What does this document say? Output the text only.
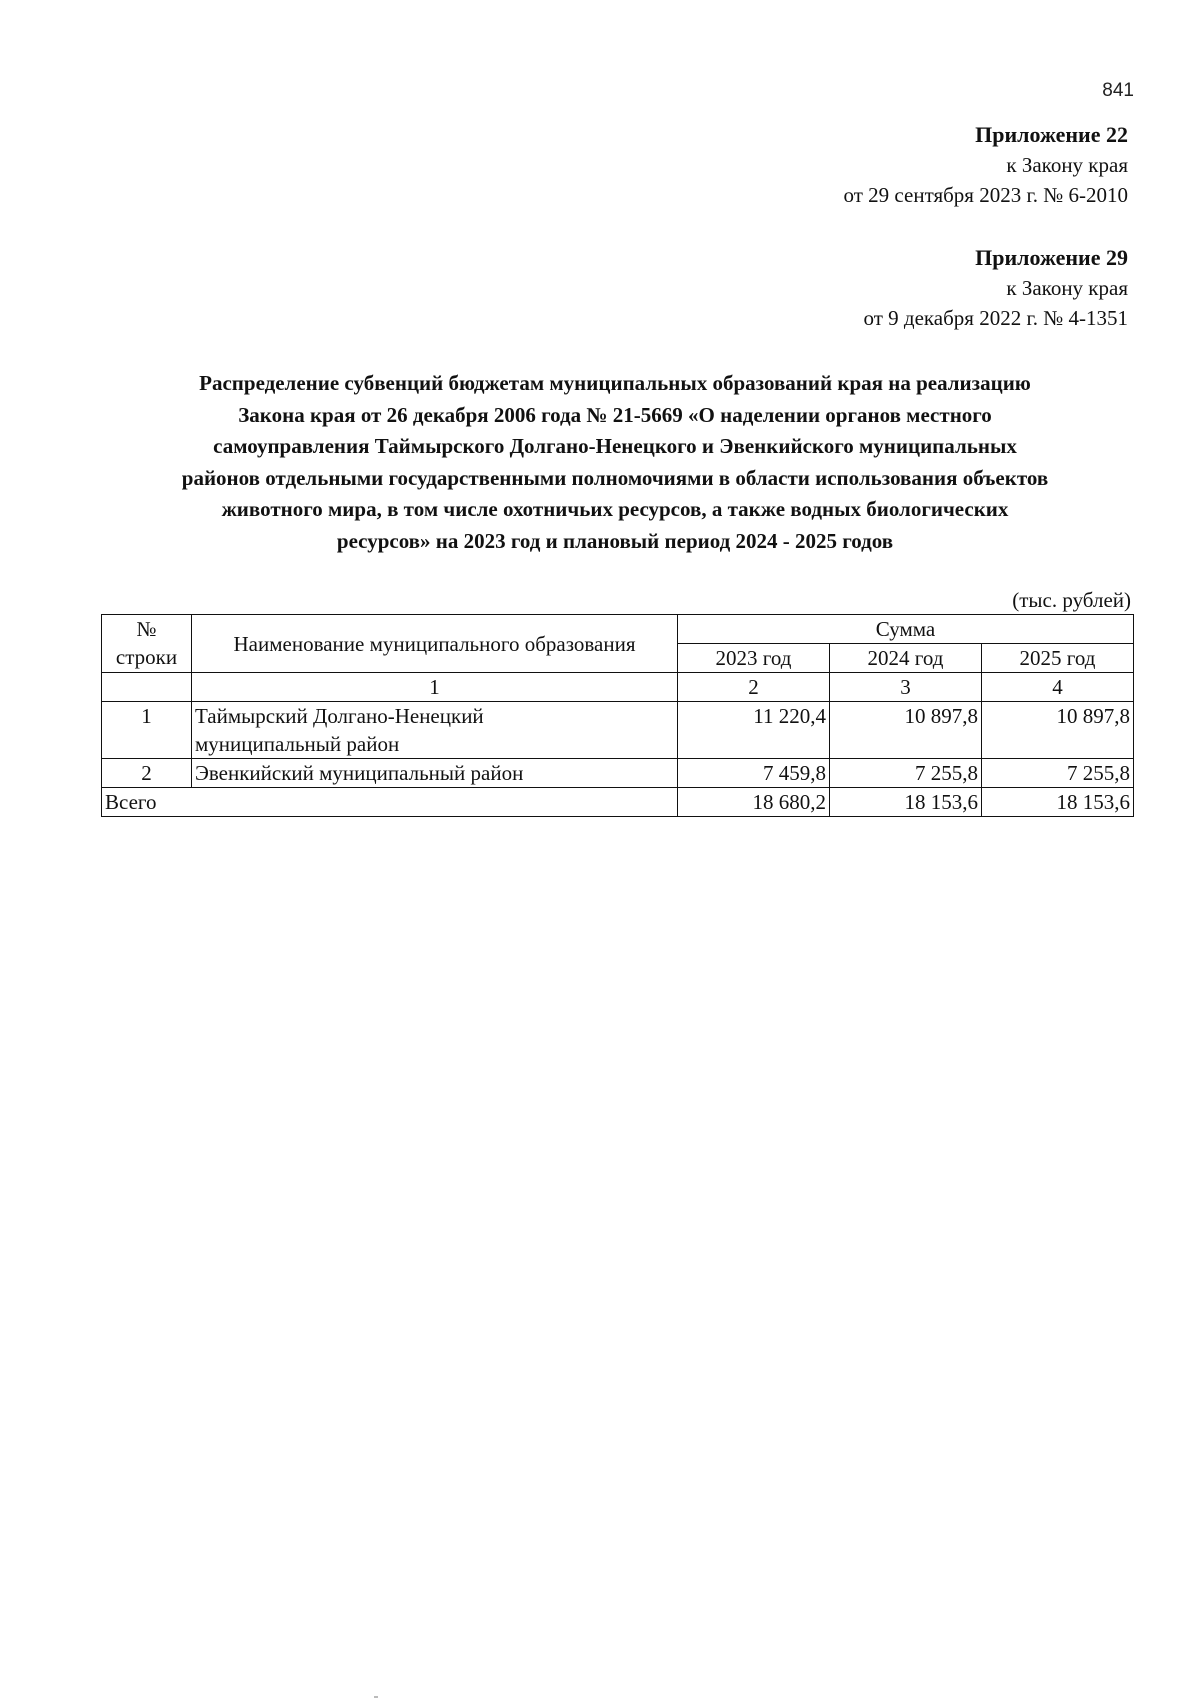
841
Приложение 22
к Закону края
от 29 сентября 2023 г. № 6-2010
Приложение 29
к Закону края
от 9 декабря 2022 г. № 4-1351
Распределение субвенций бюджетам муниципальных образований края на реализацию
Закона края от 26 декабря 2006 года № 21-5669 «О наделении органов местного
самоуправления Таймырского Долгано-Ненецкого и Эвенкийского муниципальных
районов отдельными государственными полномочиями в области использования объектов
животного мира, в том числе охотничьих ресурсов, а также водных биологических
ресурсов» на 2023 год и плановый период 2024 - 2025 годов
(тыс. рублей)
№
строки	Наименование муниципального образования	Сумма		
		2023 год	2024 год	2025 год
	1	2	3	4
1	Таймырский Долгано-Ненецкий
муниципальный район	11 220,4	10 897,8	10 897,8
2	Эвенкийский муниципальный район	7 459,8	7 255,8	7 255,8
Всего		18 680,2	18 153,6	18 153,6
